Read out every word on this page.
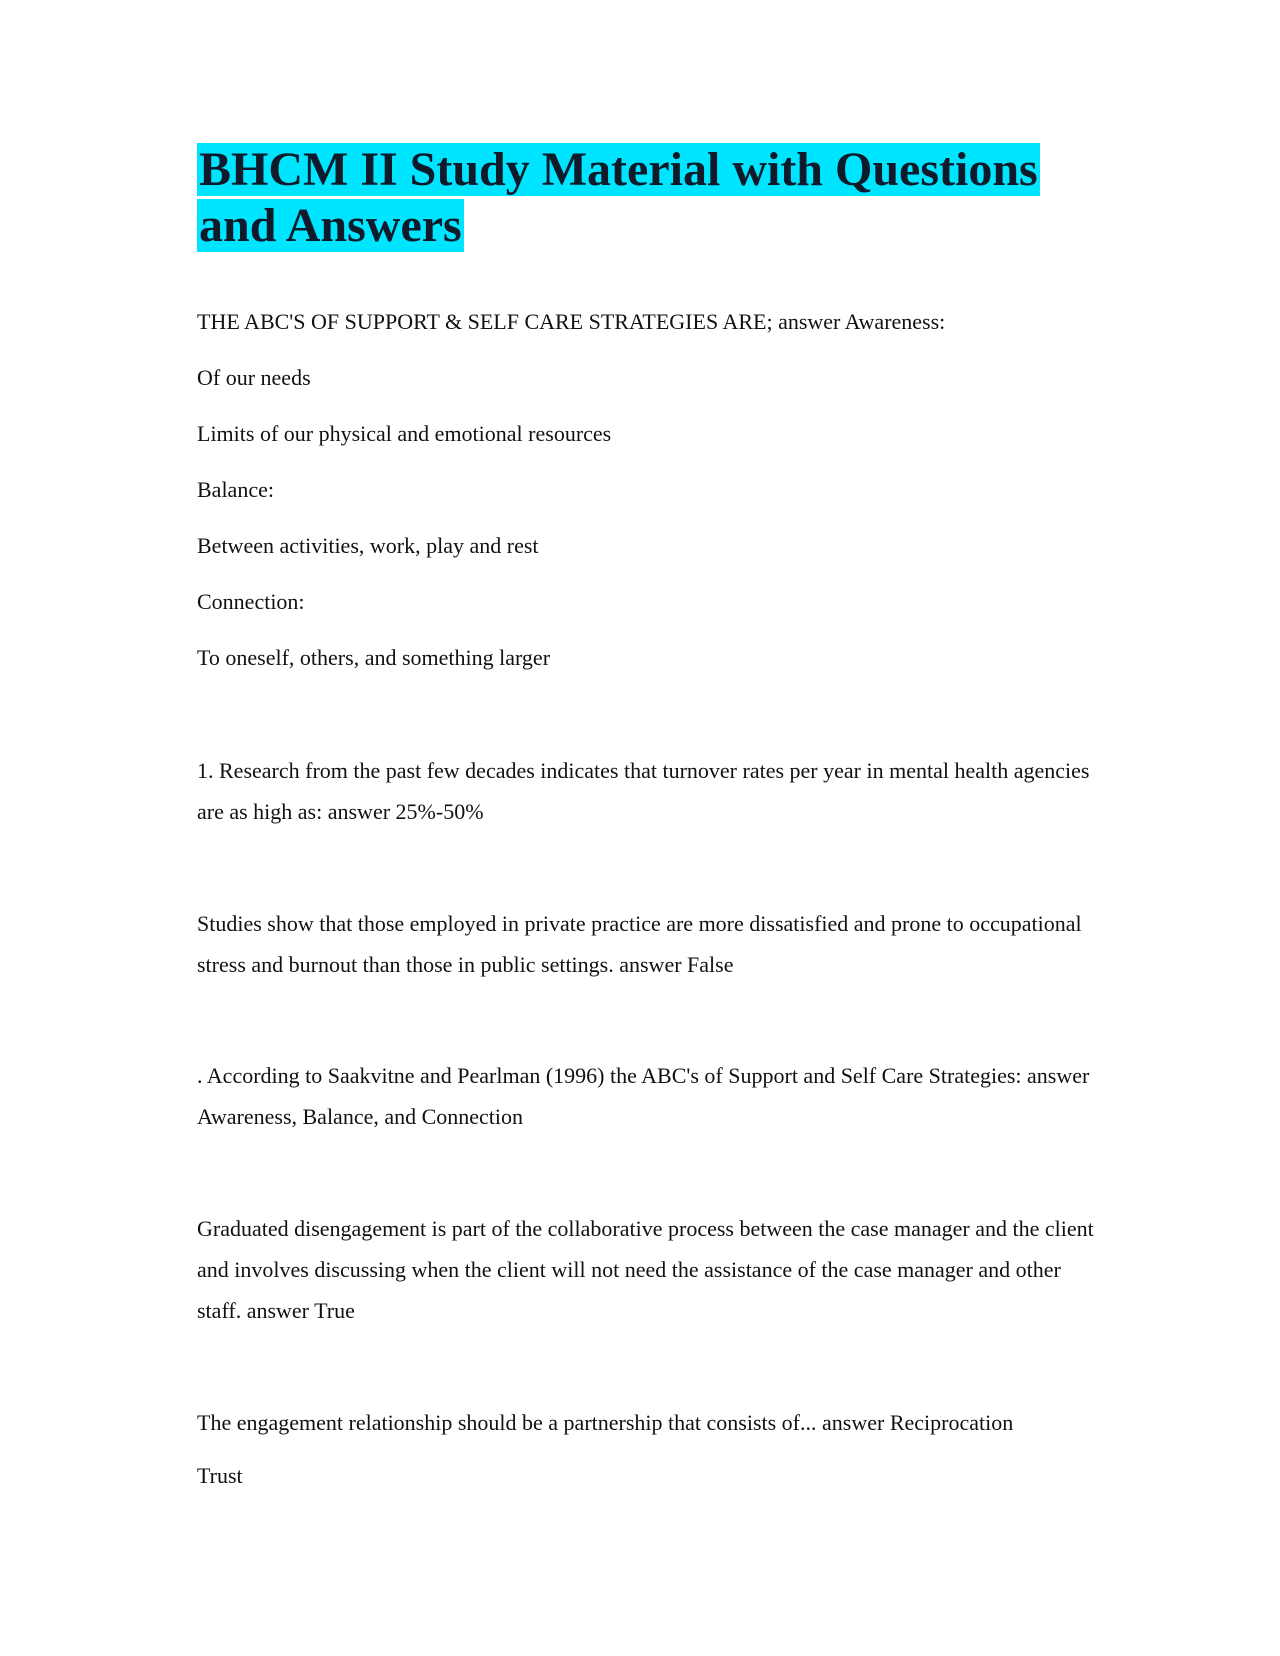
BHCM II Study Material with Questions and Answers

THE ABC'S OF SUPPORT & SELF CARE STRATEGIES ARE; answer Awareness:

Of our needs

Limits of our physical and emotional resources

Balance:

Between activities, work, play and rest

Connection:

To oneself, others, and something larger

1. Research from the past few decades indicates that turnover rates per year in mental health agencies are as high as: answer 25%-50%

Studies show that those employed in private practice are more dissatisfied and prone to occupational stress and burnout than those in public settings. answer False

. According to Saakvitne and Pearlman (1996) the ABC's of Support and Self Care Strategies: answer Awareness, Balance, and Connection

Graduated disengagement is part of the collaborative process between the case manager and the client and involves discussing when the client will not need the assistance of the case manager and other staff. answer True

The engagement relationship should be a partnership that consists of... answer Reciprocation

Trust
